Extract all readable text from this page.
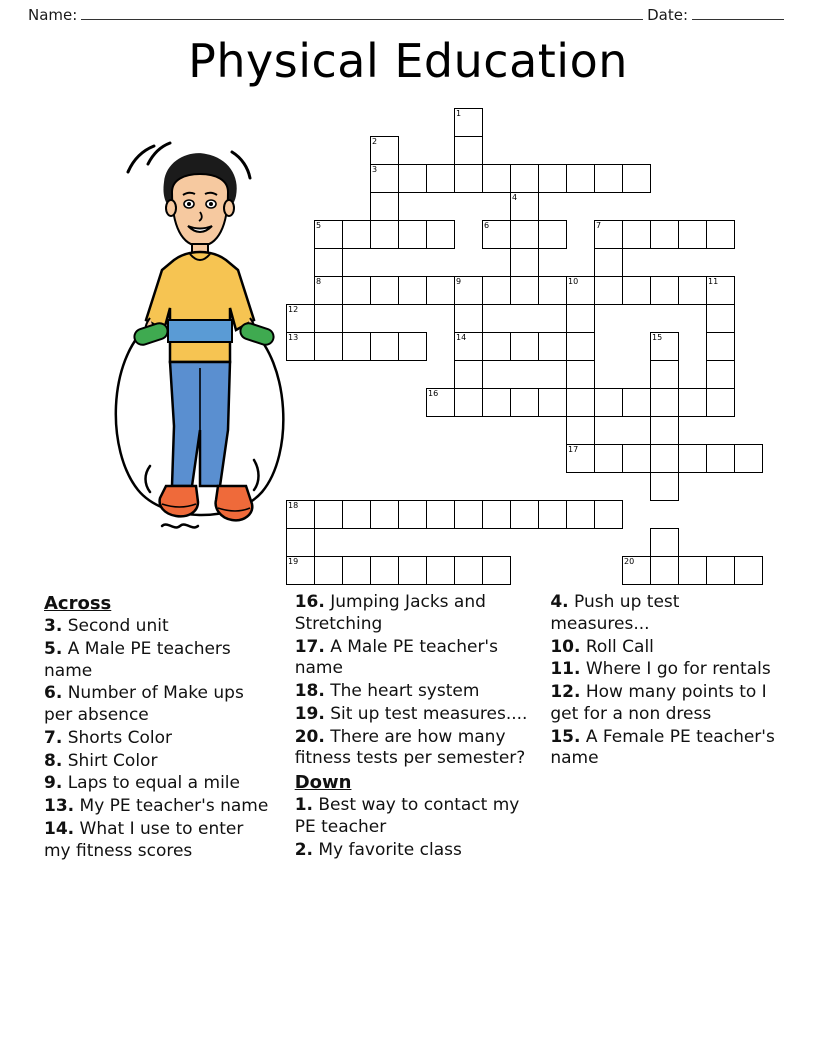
Name:	Date:
Physical Education
1
2
3
4
5	6	7
8	9	10	11
12
13	14	15
16
17
18
19	20
Across
3. Second unit
5. A Male PE teachers name
6. Number of Make ups per absence
7. Shorts Color
8. Shirt Color
9. Laps to equal a mile
13. My PE teacher's name
14. What I use to enter my fitness scores
16. Jumping Jacks and Stretching
17. A Male PE teacher's name
18. The heart system
19. Sit up test measures....
20. There are how many fitness tests per semester?
Down
1. Best way to contact my PE teacher
2. My favorite class
4. Push up test measures...
10. Roll Call
11. Where I go for rentals
12. How many points to I get for a non dress
15. A Female PE teacher's name
